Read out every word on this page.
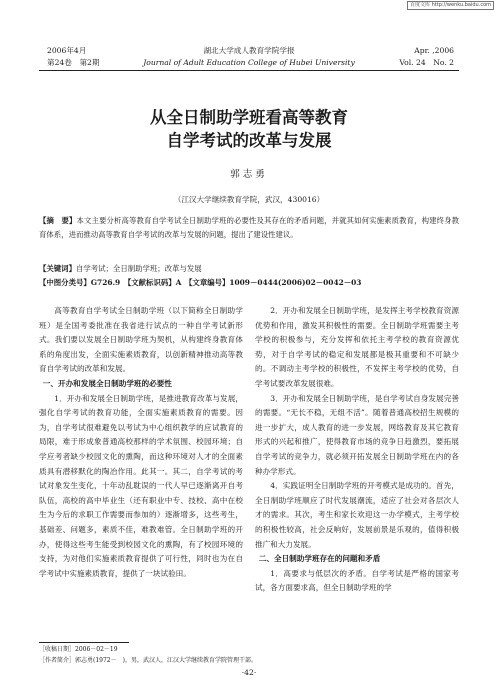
百度文库 http://wenku.baidu.com
2006年4月
第24卷　第2期
湖北大学成人教育学院学报
Journal of Adult Education College of Hubei University
Apr. ,2006
Vol. 24　No. 2
从全日制助学班看高等教育
自学考试的改革与发展
郭志勇
（江汉大学继续教育学院，武汉，430016）
【摘　要】本文主要分析高等教育自学考试全日制助学班的必要性及其存在的矛盾问题，并就其如何实施素质教育，构建终身教育体系，进而推动高等教育自学考试的改革与发展的问题，提出了建设性建议。
【关键词】自学考试；全日制助学班；改革与发展
【中图分类号】G726.9　【文献标识码】A　【文章编号】1009－0444(2006)02－0042－03

高等教育自学考试全日制助学班（以下简称全日制助学班）是全国考委批准在我省进行试点的一种自学考试新形式。我们要以发展全日制助学班为契机，从构建终身教育体系的角度出发，全面实施素质教育，以创新精神推动高等教育自学考试的改革和发展。

一、开办和发展全日制助学班的必要性

1．开办和发展全日制助学班，是推进教育改革与发展，强化自学考试的教育功能，全面实施素质教育的需要。因为，自学考试很难避免以考试为中心组织教学的应试教育的局限，难于形成象普通高校那样的学术氛围、校园环境；自学应考者缺少校园文化的熏陶，而这种环境对人才的全面素质具有潜移默化的陶冶作用。此其一。其二，自学考试的考试对象发生变化，十年动乱耽误的一代人早已逐渐离开自考队伍，高校的高中毕业生（还有职业中专、技校、高中在校生为今后的求职工作需要而参加的）逐渐增多，这些考生，基础差、问题多，素质不佳，难教难管。全日制助学班的开办，使得这些考生能受到校园文化的熏陶，有了校园环境的支持，为对他们实施素质教育提供了可行性，同时也为在自学考试中实施素质教育，提供了一块试验田。

2．开办和发展全日制助学班，是发挥主考学校教育资源优势和作用，激发其积极性的需要。全日制助学班需要主考学校的积极参与，充分发挥和依托主考学校的教育资源优势，对于自学考试的稳定和发展都是极其重要和不可缺少的。不调动主考学校的积极性，不发挥主考学校的优势，自学考试要改革发展很难。

3．开办和发展全日制助学班，是自学考试自身发展完善的需要。“无长不稳，无组不活”。随着普通高校招生规模的进一步扩大，成人教育的进一步发展，网络教育及其它教育形式的兴起和推广，使得教育市场的竞争日趋激烈，要拓展自学考试的竞争力，就必须开拓发展全日制助学班在内的各种办学形式。

4．实践证明全日制助学班的开考模式是成功的。首先，全日制助学班顺应了时代发展潮流，适应了社会对各层次人才的需求。其次，考生和家长欢迎这一办学模式，主考学校的积极性较高，社会反响好，发展前景是乐观的，值得积极推广和大力发展。

二、全日制助学班存在的问题和矛盾

1．高要求与低层次的矛盾。自学考试是严格的国家考试，各方面要求高，但全日制助学班的学

［收稿日期］2006－02－19
［作者简介］郭志勇(1972－　)，男，武汉人，江汉大学继续教育学院管理干部。
·42·
